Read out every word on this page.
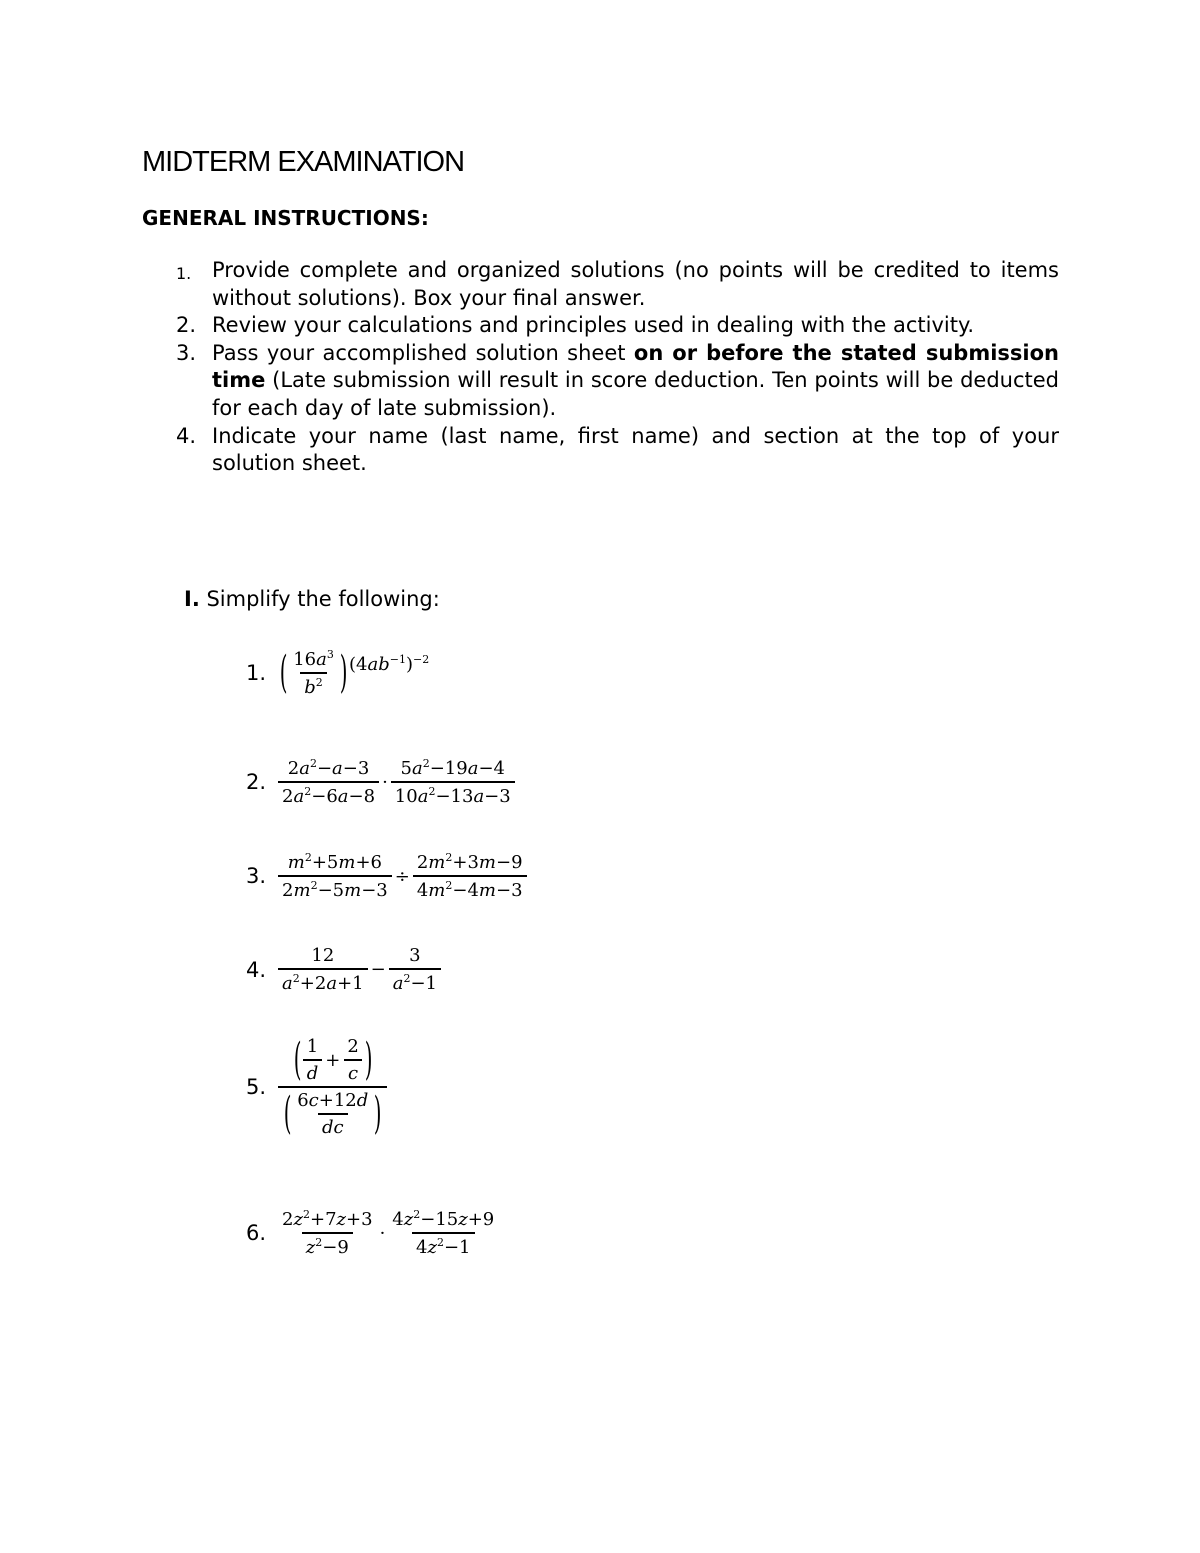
MIDTERM EXAMINATION
GENERAL INSTRUCTIONS:
1. Provide complete and organized solutions (no points will be credited to items without solutions). Box your final answer.
2. Review your calculations and principles used in dealing with the activity.
3. Pass your accomplished solution sheet on or before the stated submission time (Late submission will result in score deduction. Ten points will be deducted for each day of late submission).
4. Indicate your name (last name, first name) and section at the top of your solution sheet.
I. Simplify the following:
1. ( $\frac{16a^3}{b^2}$ ) $(4ab^{-1})^{-2}$
2. $\frac{2a^2-a-3}{2a^2-6a-8} \cdot \frac{5a^2-19a-4}{10a^2-13a-3}$
3. $\frac{m^2+5m+6}{2m^2-5m-3} \div \frac{2m^2+3m-9}{4m^2-4m-3}$
4. $\frac{12}{a^2+2a+1} - \frac{3}{a^2-1}$
5.
( $\frac{1}{d} + \frac{2}{c}$ )
( $\frac{6c+12d}{dc}$ )
6. $\frac{2z^2+7z+3}{z^2-9} \cdot \frac{4z^2-15z+9}{4z^2-1}$
